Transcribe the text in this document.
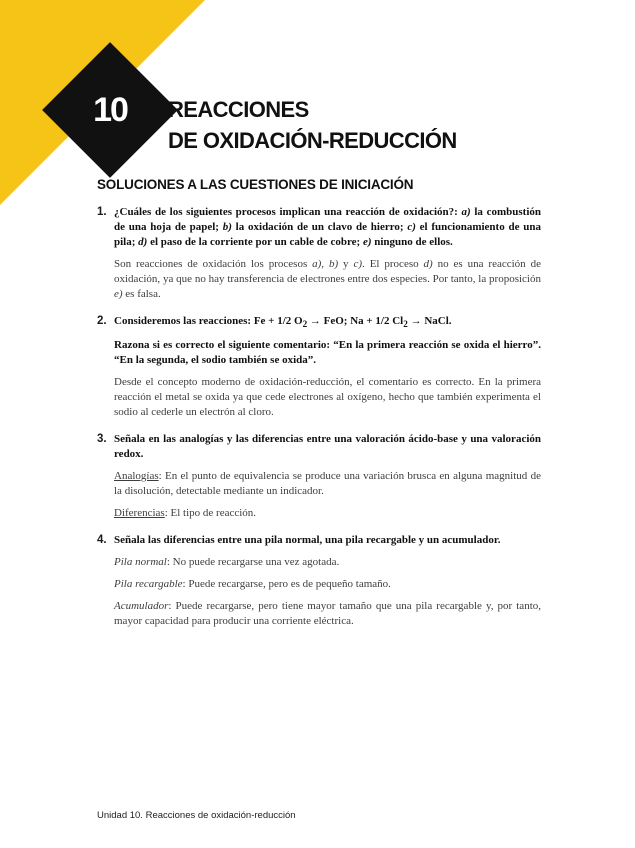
10	REACCIONES
DE OXIDACIÓN-REDUCCIÓN
SOLUCIONES A LAS CUESTIONES DE INICIACIÓN
1. ¿Cuáles de los siguientes procesos implican una reacción de oxidación?: a) la combustión de una hoja de papel; b) la oxidación de un clavo de hierro; c) el funcionamiento de una pila; d) el paso de la corriente por un cable de cobre; e) ninguno de ellos.
Son reacciones de oxidación los procesos a), b) y c). El proceso d) no es una reacción de oxidación, ya que no hay transferencia de electrones entre dos especies. Por tanto, la proposición e) es falsa.
2. Consideremos las reacciones: Fe + 1/2 $O_2$ → FeO; Na + 1/2 $Cl_2$ → NaCl.
Razona si es correcto el siguiente comentario: “En la primera reacción se oxida el hierro”. “En la segunda, el sodio también se oxida”.
Desde el concepto moderno de oxidación-reducción, el comentario es correcto. En la primera reacción el metal se oxida ya que cede electrones al oxígeno, hecho que también experimenta el sodio al cederle un electrón al cloro.
3. Señala en las analogías y las diferencias entre una valoración ácido-base y una valoración redox.
Analogías: En el punto de equivalencia se produce una variación brusca en alguna magnitud de la disolución, detectable mediante un indicador.
Diferencias: El tipo de reacción.
4. Señala las diferencias entre una pila normal, una pila recargable y un acumulador.
Pila normal: No puede recargarse una vez agotada.
Pila recargable: Puede recargarse, pero es de pequeño tamaño.
Acumulador: Puede recargarse, pero tiene mayor tamaño que una pila recargable y, por tanto, mayor capacidad para producir una corriente eléctrica.
Unidad 10. Reacciones de oxidación-reducción
